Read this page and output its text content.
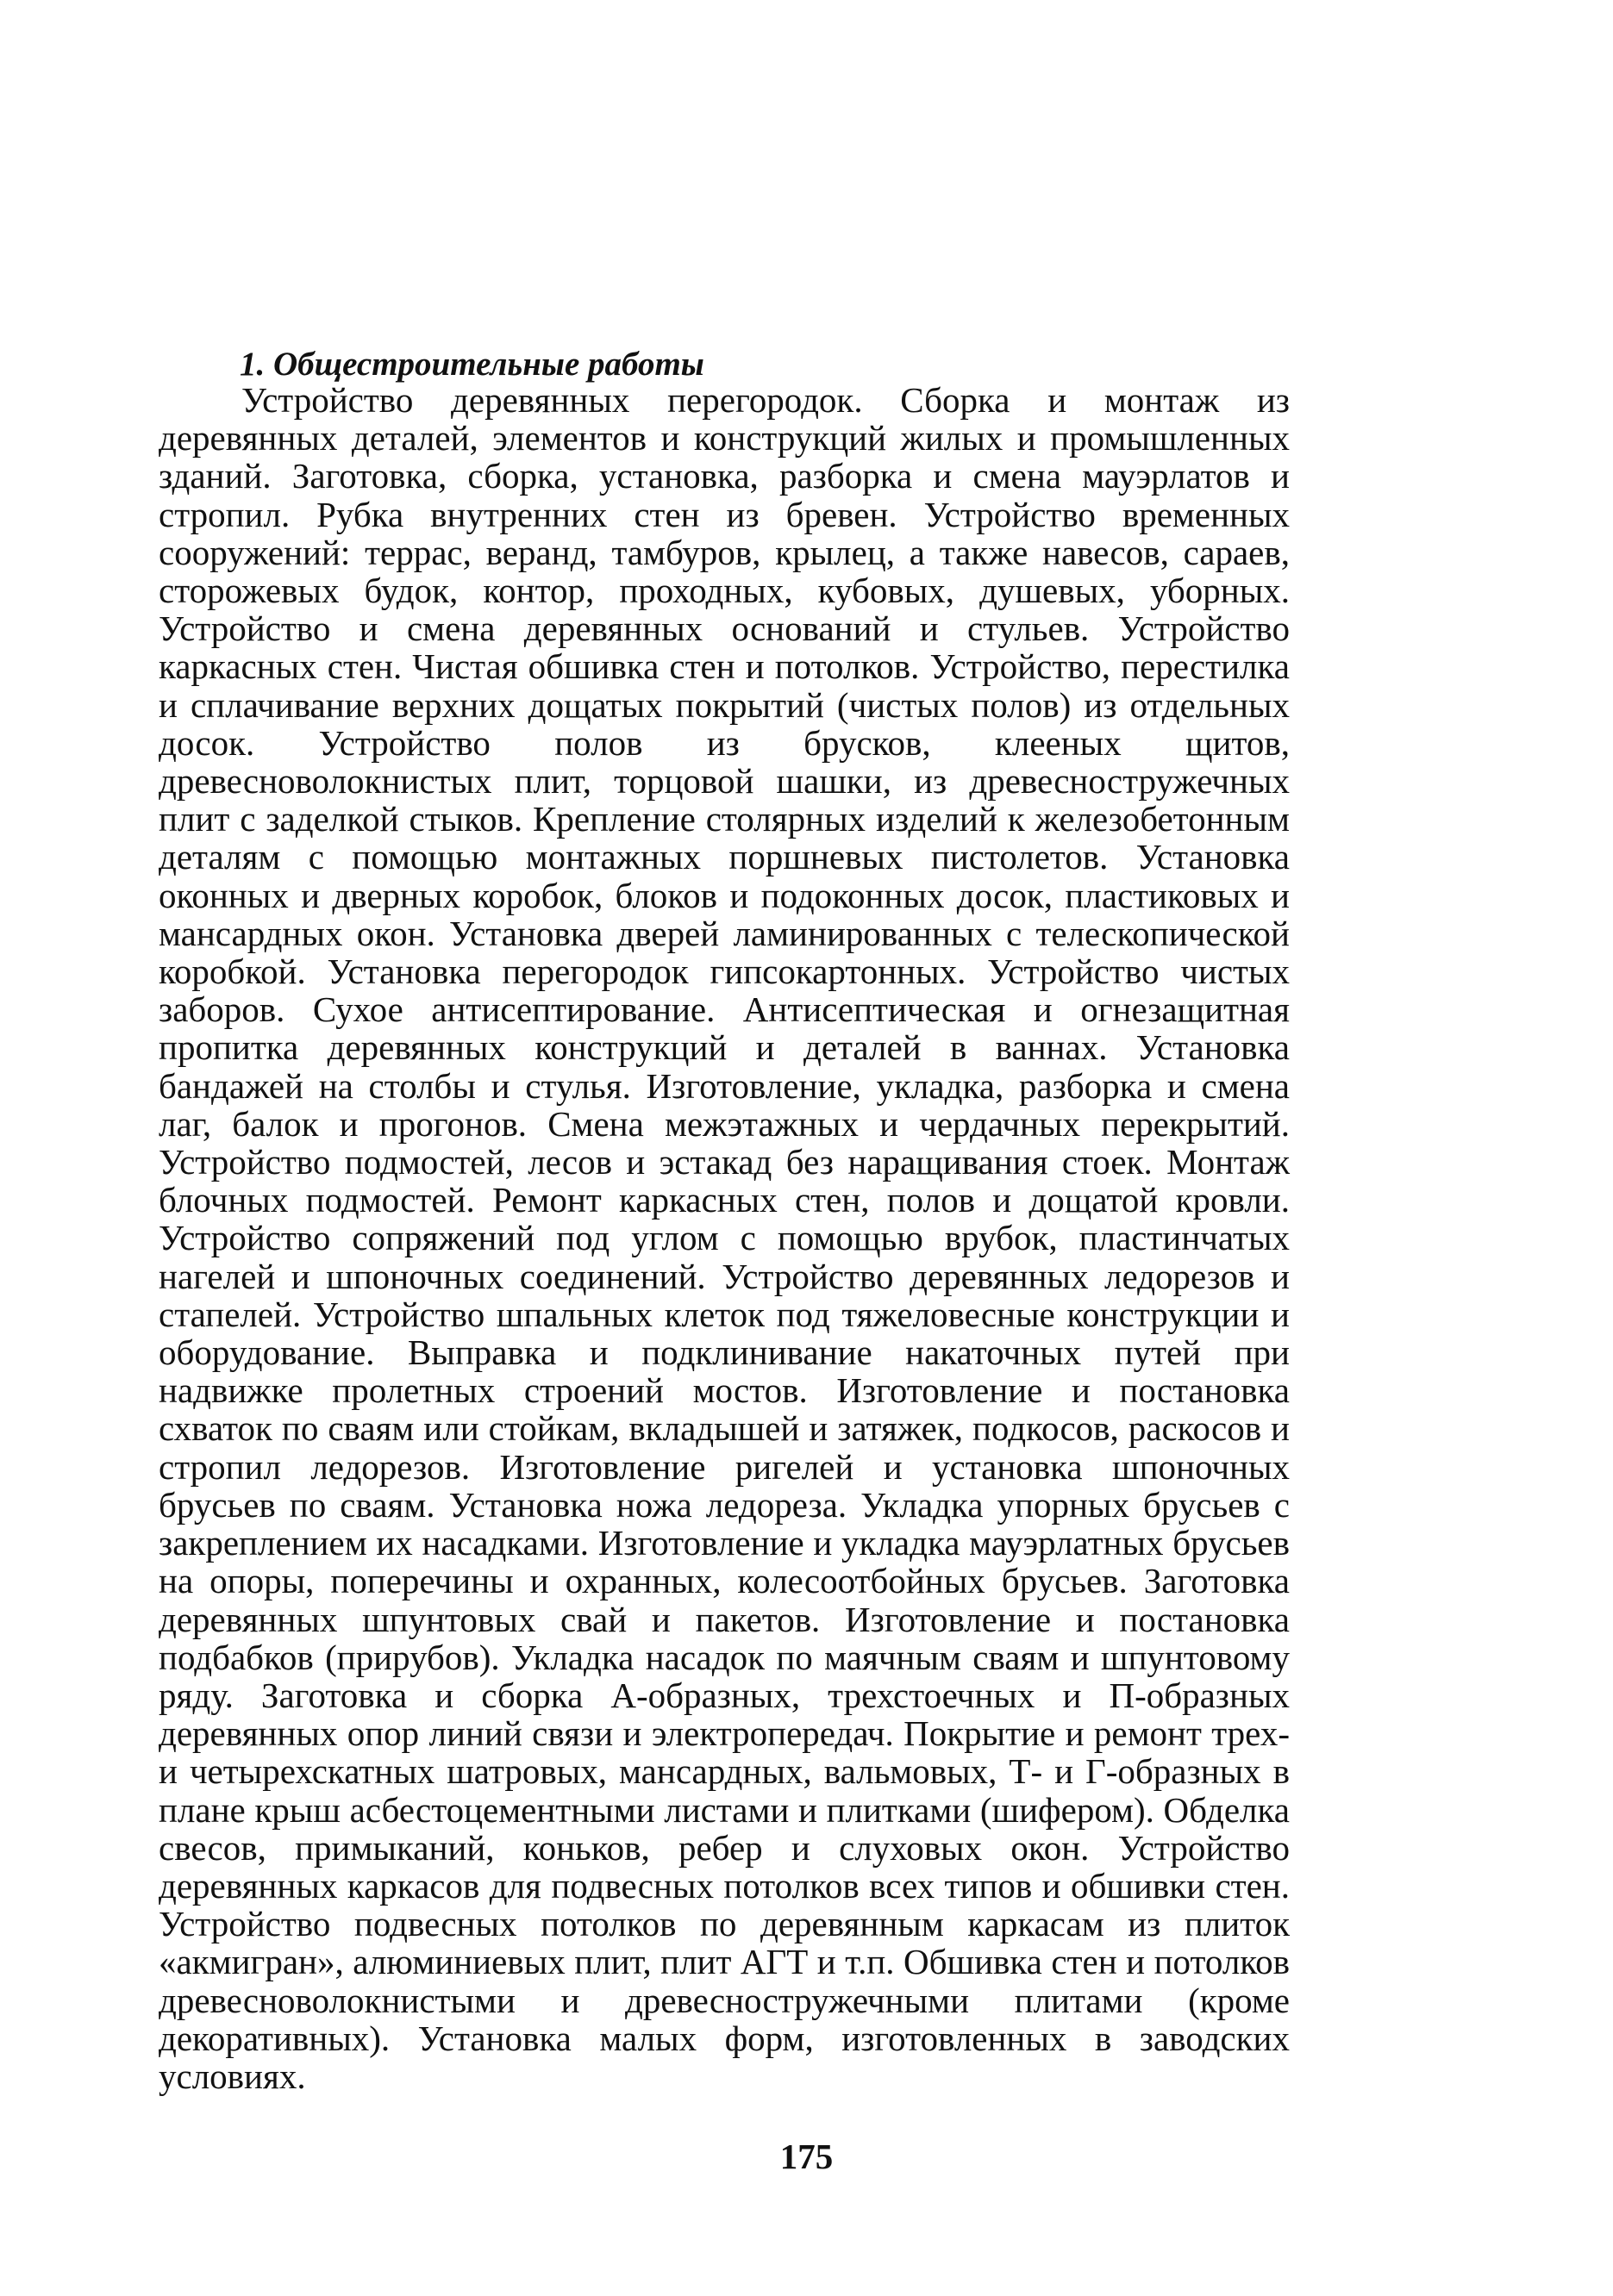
1. Общестроительные работы

Устройство деревянных перегородок. Сборка и монтаж из деревянных деталей, элементов и конструкций жилых и промышленных зданий. Заготовка, сборка, установка, разборка и смена мауэрлатов и стропил. Рубка внутренних стен из бревен. Устройство временных сооружений: террас, веранд, тамбуров, крылец, а также навесов, сараев, сторожевых будок, контор, проходных, кубовых, душевых, уборных. Устройство и смена деревянных оснований и стульев. Устройство каркасных стен. Чистая обшивка стен и потолков. Устройство, перестилка и сплачивание верхних дощатых покрытий (чистых полов) из отдельных досок. Устройство полов из брусков, клееных щитов, древесноволокнистых плит, торцовой шашки, из древесностружечных плит с заделкой стыков. Крепление столярных изделий к железобетонным деталям с помощью монтажных поршневых пистолетов. Установка оконных и дверных коробок, блоков и подоконных досок, пластиковых и мансардных окон. Установка дверей ламинированных с телескопической коробкой. Установка перегородок гипсокартонных. Устройство чистых заборов. Сухое антисептирование. Антисептическая и огнезащитная пропитка деревянных конструкций и деталей в ваннах. Установка бандажей на столбы и стулья. Изготовление, укладка, разборка и смена лаг, балок и прогонов. Смена межэтажных и чердачных перекрытий. Устройство подмостей, лесов и эстакад без наращивания стоек. Монтаж блочных подмостей. Ремонт каркасных стен, полов и дощатой кровли. Устройство сопряжений под углом с помощью врубок, пластинчатых нагелей и шпоночных соединений. Устройство деревянных ледорезов и стапелей. Устройство шпальных клеток под тяжеловесные конструкции и оборудование. Выправка и подклинивание накаточных путей при надвижке пролетных строений мостов. Изготовление и постановка схваток по сваям или стойкам, вкладышей и затяжек, подкосов, раскосов и стропил ледорезов. Изготовление ригелей и установка шпоночных брусьев по сваям. Установка ножа ледореза. Укладка упорных брусьев с закреплением их насадками. Изготовление и укладка мауэрлатных брусьев на опоры, поперечины и охранных, колесоотбойных брусьев. Заготовка деревянных шпунтовых свай и пакетов. Изготовление и постановка подбабков (прирубов). Укладка насадок по маячным сваям и шпунтовому ряду. Заготовка и сборка А-образных, трехстоечных и П-образных деревянных опор линий связи и электропередач. Покрытие и ремонт трех- и четырехскатных шатровых, мансардных, вальмовых, Т- и Г-образных в плане крыш асбестоцементными листами и плитками (шифером). Обделка свесов, примыканий, коньков, ребер и слуховых окон. Устройство деревянных каркасов для подвесных потолков всех типов и обшивки стен. Устройство подвесных потолков по деревянным каркасам из плиток «акмигран», алюминиевых плит, плит АГТ и т.п. Обшивка стен и потолков древесноволокнистыми и древесностружечными плитами (кроме декоративных). Установка малых форм, изготовленных в заводских условиях.

175
